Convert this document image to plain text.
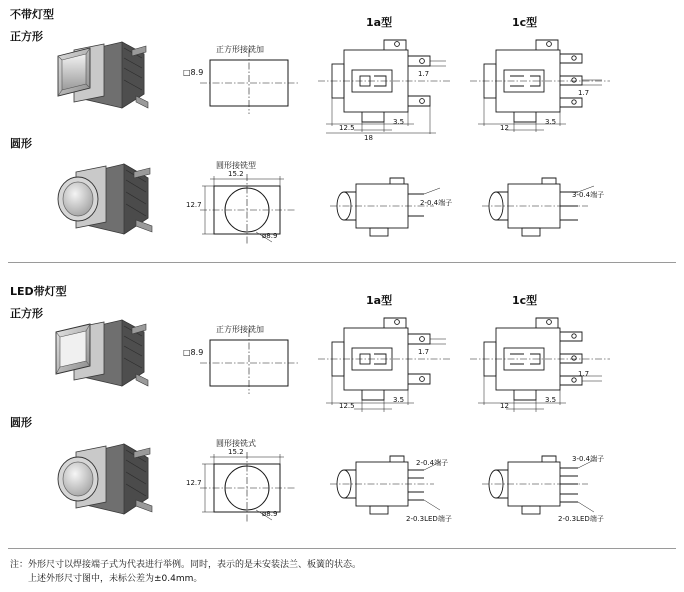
不带灯型
正方形
圆形
1a型	1c型
正方形接铣加
□8.9	1.7
3.5
12.5
18
1.7
3.5
12
圆形接铣型
15.2
12.7
ø8.9
2-0.4端子
3-0.4端子
LED带灯型
正方形
圆形
1a型	1c型
正方形接铣加
□8.9	1.7
3.5
12.5
1.7
3.5
12
圆形接铣式
15.2
12.7
ø8.9
2-0.4端子
2-0.3LED端子
3-0.4端子
2-0.3LED端子
注：外形尺寸以焊接端子式为代表进行举例。同时，表示的是未安装法兰、板簧的状态。
　　上述外形尺寸图中，未标公差为±0.4mm。
